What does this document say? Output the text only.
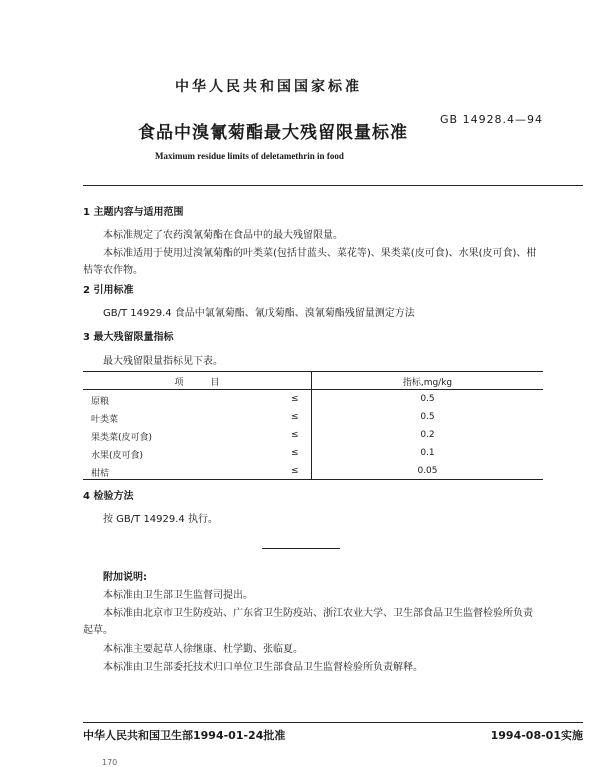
中华人民共和国国家标准
食品中溴氰菊酯最大残留限量标准
GB 14928.4—94
Maximum residue limits of deletamethrin in food
1 主题内容与适用范围
本标准规定了农药溴氰菊酯在食品中的最大残留限量。
本标准适用于使用过溴氰菊酯的叶类菜(包括甘蓝头、菜花等)、果类菜(皮可食)、水果(皮可食)、柑
桔等农作物。
2 引用标准
GB/T 14929.4 食品中氯氰菊酯、氰戊菊酯、溴氰菊酯残留量测定方法
3 最大残留限量指标
最大残留限量指标见下表。
项　　　目	指标,mg/kg
原粮	≤	0.5
叶类菜	≤	0.5
果类菜(皮可食)	≤	0.2
水果(皮可食)	≤	0.1
柑桔	≤	0.05
4 检验方法
按 GB/T 14929.4 执行。
附加说明:
本标准由卫生部卫生监督司提出。
本标准由北京市卫生防疫站、广东省卫生防疫站、浙江农业大学、卫生部食品卫生监督检验所负责
起草。
本标准主要起草人徐继康、杜学勤、张临夏。
本标准由卫生部委托技术归口单位卫生部食品卫生监督检验所负责解释。
中华人民共和国卫生部1994-01-24批准	1994-08-01实施
170
